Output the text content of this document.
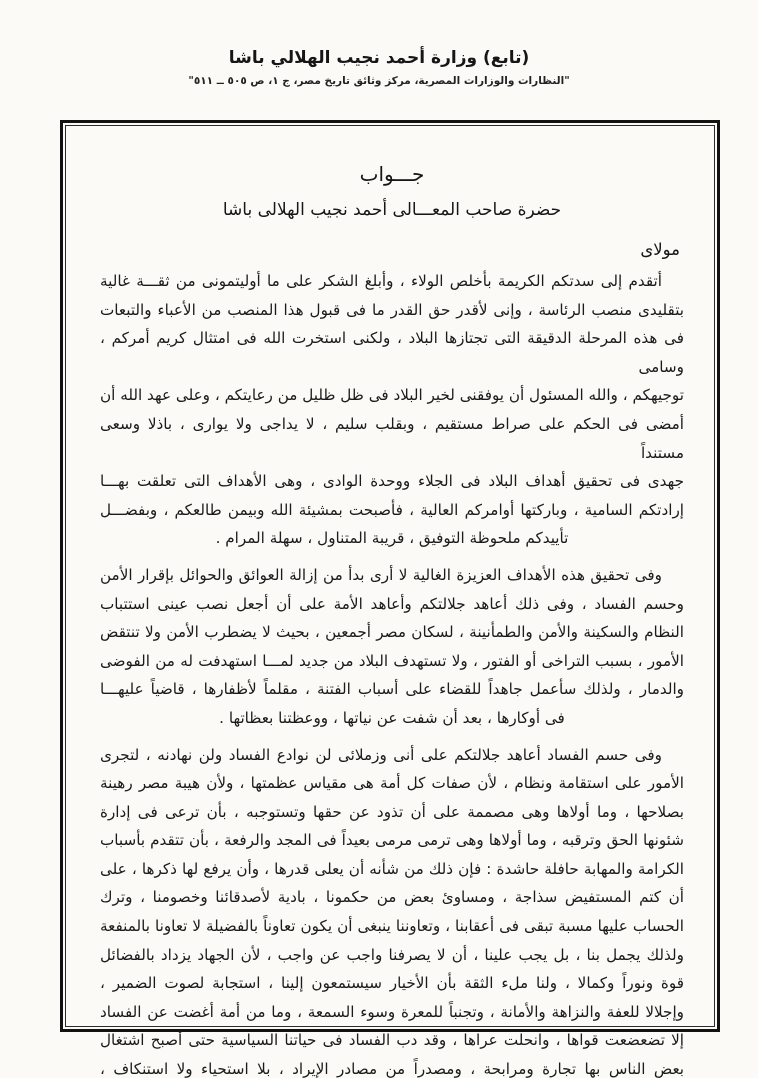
(تابع) وزارة أحمد نجيب الهلالي باشا
"النظارات والوزارات المصرية، مركز وثائق تاريخ مصر، ج ١، ص ٥٠٥ ــ ٥١١"
جـــواب
حضرة صاحب المعـــالى أحمد نجيب الهلالى باشا
مولاى
أتقدم إلى سدتكم الكريمة بأخلص الولاء ، وأبلغ الشكر على ما أوليتمونى من ثقـــة غالية
بتقليدى منصب الرئاسة ، وإنى لأقدر حق القدر ما فى قبول هذا المنصب من الأعباء والتبعات
فى هذه المرحلة الدقيقة التى تجتازها البلاد ، ولكنى استخرت الله فى امتثال كريم أمركم ، وسامى
توجيهكم ، والله المسئول أن يوفقنى لخير البلاد فى ظل ظليل من رعايتكم ، وعلى عهد الله أن
أمضى فى الحكم على صراط مستقيم ، وبقلب سليم ، لا يداجى ولا يوارى ، باذلا وسعى مستنداً
جهدى فى تحقيق أهداف البلاد فى الجلاء ووحدة الوادى ، وهى الأهداف التى تعلقت بهـــا
إرادتكم السامية ، وباركتها أوامركم العالية ، فأصبحت بمشيئة الله وبيمن طالعكم ، وبفضـــل
تأييدكم ملحوظة التوفيق ، قريبة المتناول ، سهلة المرام .
وفى تحقيق هذه الأهداف العزيزة الغالية لا أرى بدأ من إزالة العوائق والحوائل بإقرار الأمن
وحسم الفساد ، وفى ذلك أعاهد جلالتكم وأعاهد الأمة على أن أجعل نصب عينى استتباب
النظام والسكينة والأمن والطمأنينة ، لسكان مصر أجمعين ، بحيث لا يضطرب الأمن ولا تنتقض
الأمور ، بسبب التراخى أو الفتور ، ولا تستهدف البلاد من جديد لمـــا استهدفت له من الفوضى
والدمار ، ولذلك سأعمل جاهداً للقضاء على أسباب الفتنة ، مقلماً لأظفارها ، قاضياً عليهـــا
فى أوكارها ، بعد أن شفت عن نياتها ، ووعظتنا بعظاتها .
وفى حسم الفساد أعاهد جلالتكم على أنى وزملائى لن نوادع الفساد ولن نهادنه ، لتجرى
الأمور على استقامة ونظام ، لأن صفات كل أمة هى مقياس عظمتها ، ولأن هيبة مصر رهينة
بصلاحها ، وما أولاها وهى مصممة على أن تذود عن حقها وتستوجبه ، بأن ترعى فى إدارة
شئونها الحق وترقبه ، وما أولاها وهى ترمى مرمى بعيداً فى المجد والرفعة ، بأن تتقدم بأسباب
الكرامة والمهابة حافلة حاشدة : فإن ذلك من شأنه أن يعلى قدرها ، وأن يرفع لها ذكرها ، على
أن كتم المستفيض سذاجة ، ومساوئ بعض من حكمونا ، بادية لأصدقائنا وخصومنا ، وترك
الحساب عليها مسبة تبقى فى أعقابنا ، وتعاوننا ينبغى أن يكون تعاوناً بالفضيلة لا تعاونا بالمنفعة
ولذلك يجمل بنا ، بل يجب علينا ، أن لا يصرفنا واجب عن واجب ، لأن الجهاد يزداد بالفضائل
قوة ونوراً وكمالا ، ولنا ملء الثقة بأن الأخيار سيستمعون إلينا ، استجابة لصوت الضمير ،
وإجلالا للعفة والنزاهة والأمانة ، وتجنباً للمعرة وسوء السمعة ، وما من أمة أغضت عن الفساد
إلا تضعضعت قواها ، وانحلت عراها ، وقد دب الفساد فى حياتنا السياسية حتى أصبح اشتغال
بعض الناس بها تجارة ومرابحة ، ومصدراً من مصادر الإيراد ، بلا استحياء ولا استنكاف ،
